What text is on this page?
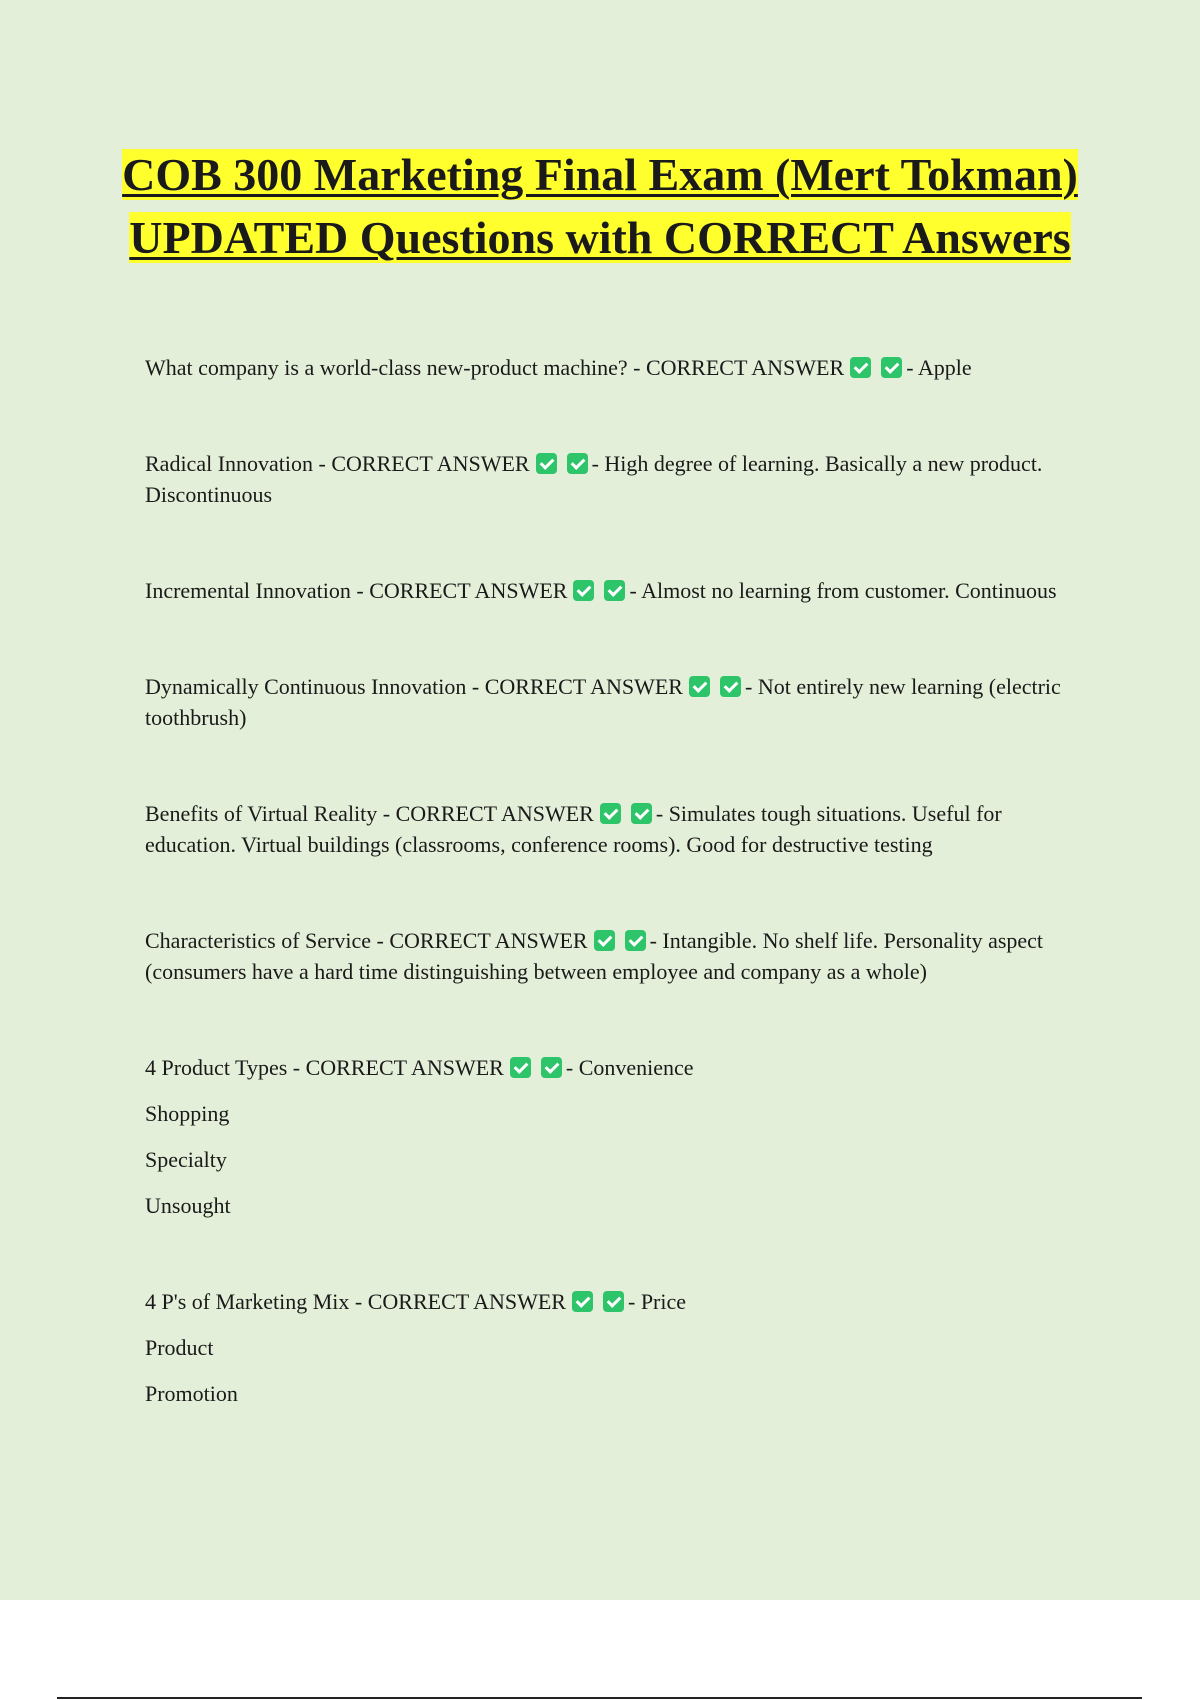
COB 300 Marketing Final Exam (Mert Tokman) UPDATED Questions with CORRECT Answers

What company is a world-class new-product machine? - CORRECT ANSWER	- Apple

Radical Innovation - CORRECT ANSWER	- High degree of learning. Basically a new product. Discontinuous

Incremental Innovation - CORRECT ANSWER	- Almost no learning from customer. Continuous

Dynamically Continuous Innovation - CORRECT ANSWER	- Not entirely new learning (electric toothbrush)

Benefits of Virtual Reality - CORRECT ANSWER	- Simulates tough situations. Useful for education. Virtual buildings (classrooms, conference rooms). Good for destructive testing

Characteristics of Service - CORRECT ANSWER	- Intangible. No shelf life. Personality aspect (consumers have a hard time distinguishing between employee and company as a whole)

4 Product Types - CORRECT ANSWER	- Convenience

Shopping

Specialty

Unsought

4 P's of Marketing Mix - CORRECT ANSWER	- Price

Product

Promotion
